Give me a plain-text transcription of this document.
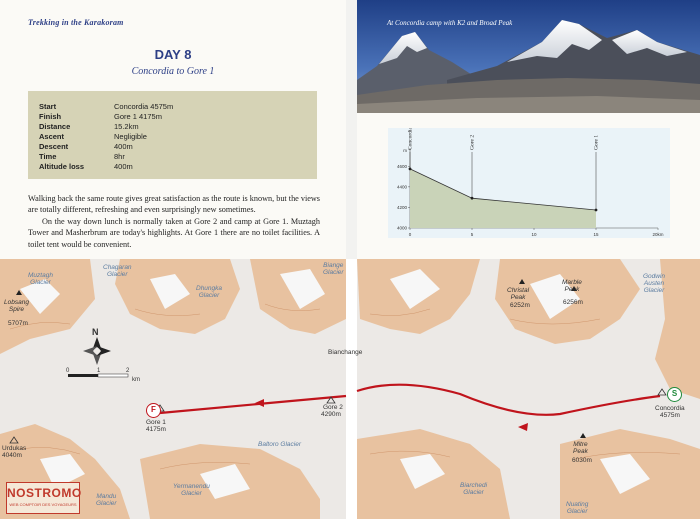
Trekking in the Karakoram
DAY 8
Concordia to Gore 1
Start	Concordia 4575m
Finish	Gore 1 4175m
Distance	15.2km
Ascent	Negligible
Descent	400m
Time	8hr
Altitude loss	400m
Walking back the same route gives great satisfaction as the route is known, but the views are totally different, refreshing and even surprisingly new sometimes.
On the way down lunch is normally taken at Gore 2 and camp at Gore 1. Muztagh Tower and Masherbrum are today's highlights. At Gore 1 there are no toilet facilities. A toilet tent would be convenient.
At Concordia camp with K2 and Broad Peak
0	5	10	15	20km
4000
4200
4400
4600
m
Concordia	Gore 2	Gore 1
N
0	1	2
km
F
S
Muztagh
Glacier
Chagaran
Glacier
Dhungka
Glacier
Biange
Glacier
Baltoro Glacier
Yermanendu
Glacier
Mandu
Glacier
Biarchedi
Glacier
Nuating
Glacier
Godwin
Austen
Glacier
Bianchange
Lobsang
Spire
5707m
Christal
Peak
6252m
Marble
Peak
6256m
Mitre
Peak
6030m
Gore 1
4175m
Gore 2
4290m
Concordia
4575m
Urdukas
4040m
NOSTROMO
WEB COMPTOIR DES VOYAGEURS
